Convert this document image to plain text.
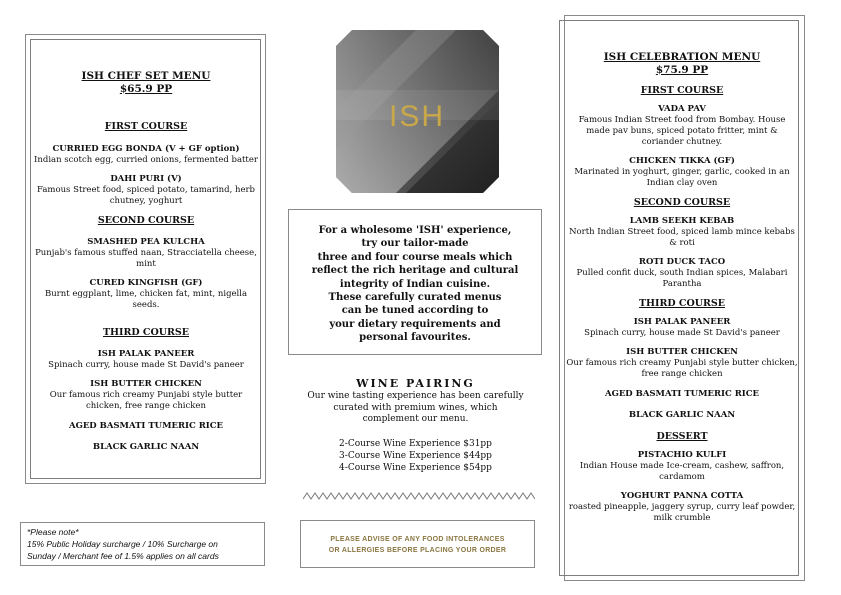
ISH CHEF SET MENU
$65.9 PP
FIRST COURSE
CURRIED EGG BONDA (V + GF option)
Indian scotch egg, curried onions, fermented batter
DAHI PURI (V)
Famous Street food, spiced potato, tamarind, herb chutney, yoghurt
SECOND COURSE
SMASHED PEA KULCHA
Punjab's famous stuffed naan, Stracciatella cheese, mint
CURED KINGFISH (GF)
Burnt eggplant, lime, chicken fat, mint, nigella seeds.
THIRD COURSE
ISH PALAK PANEER
Spinach curry, house made St David's paneer
ISH BUTTER CHICKEN
Our famous rich creamy Punjabi style butter chicken, free range chicken
AGED BASMATI TUMERIC RICE
BLACK GARLIC NAAN
*Please note*
15% Public Holiday surcharge / 10% Surcharge on
Sunday / Merchant fee of 1.5% applies on all cards
ISH
For a wholesome 'ISH' experience,
try our tailor-made
three and four course meals which
reflect the rich heritage and cultural
integrity of Indian cuisine.
These carefully curated menus
can be tuned according to
your dietary requirements and
personal favourites.
WINE PAIRING
Our wine tasting experience has been carefully
curated with premium wines, which
complement our menu.
2-Course Wine Experience $31pp
3-Course Wine Experience $44pp
4-Course Wine Experience $54pp
PLEASE ADVISE OF ANY FOOD INTOLERANCES
OR ALLERGIES BEFORE PLACING YOUR ORDER
ISH CELEBRATION MENU
$75.9 PP
FIRST COURSE
VADA PAV
Famous Indian Street food from Bombay. House made pav buns, spiced potato fritter, mint & coriander chutney.
CHICKEN TIKKA (GF)
Marinated in yoghurt, ginger, garlic, cooked in an Indian clay oven
SECOND COURSE
LAMB SEEKH KEBAB
North Indian Street food, spiced lamb mince kebabs & roti
ROTI DUCK TACO
Pulled confit duck, south Indian spices, Malabari Parantha
THIRD COURSE
ISH PALAK PANEER
Spinach curry, house made St David's paneer
ISH BUTTER CHICKEN
Our famous rich creamy Punjabi style butter chicken, free range chicken
AGED BASMATI TUMERIC RICE
BLACK GARLIC NAAN
DESSERT
PISTACHIO KULFI
Indian House made Ice-cream, cashew, saffron, cardamom
YOGHURT PANNA COTTA
roasted pineapple, jaggery syrup, curry leaf powder, milk crumble
